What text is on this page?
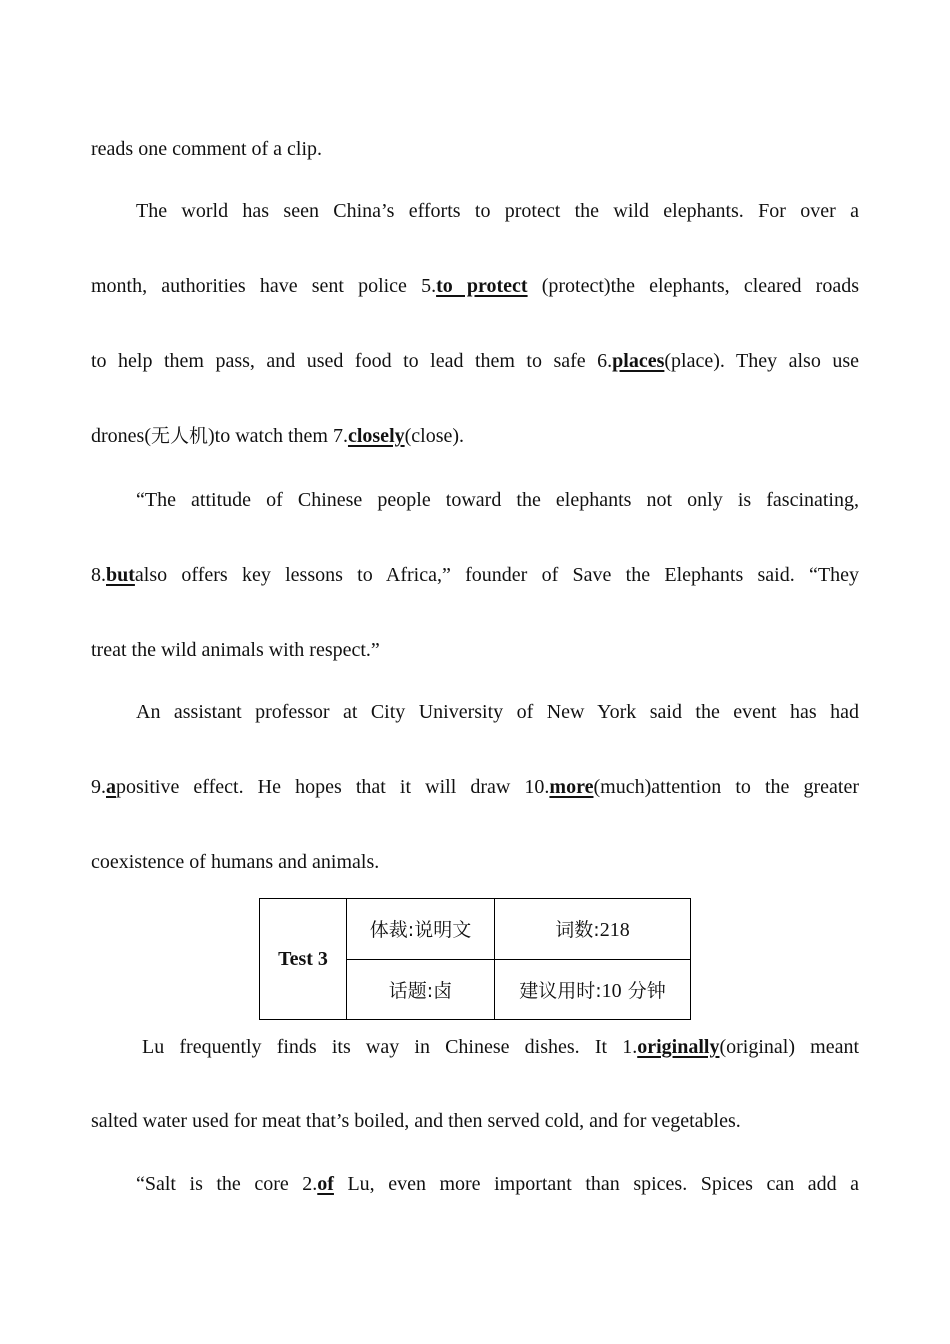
reads one comment of a clip.
The world has seen China’s efforts to protect the wild elephants. For over a
month, authorities have sent police 5.to protect (protect)the elephants, cleared roads
to help them pass, and used food to lead them to safe 6.places(place). They also use
drones(无人机)to watch them 7.closely(close).
“The attitude of Chinese people toward the elephants not only is fascinating,
8.butalso offers key lessons to Africa,” founder of Save the Elephants said. “They
treat the wild animals with respect.”
An assistant professor at City University of New York said the event has had
9.apositive effect. He hopes that it will draw 10.more(much)attention to the greater
coexistence of humans and animals.
Test 3	体裁:说明文	词数:218
	话题:卤	建议用时:10 分钟
Lu frequently finds its way in Chinese dishes. It 1.originally(original) meant
salted water used for meat that’s boiled, and then served cold, and for vegetables.
“Salt is the core 2.of Lu, even more important than spices. Spices can add a
